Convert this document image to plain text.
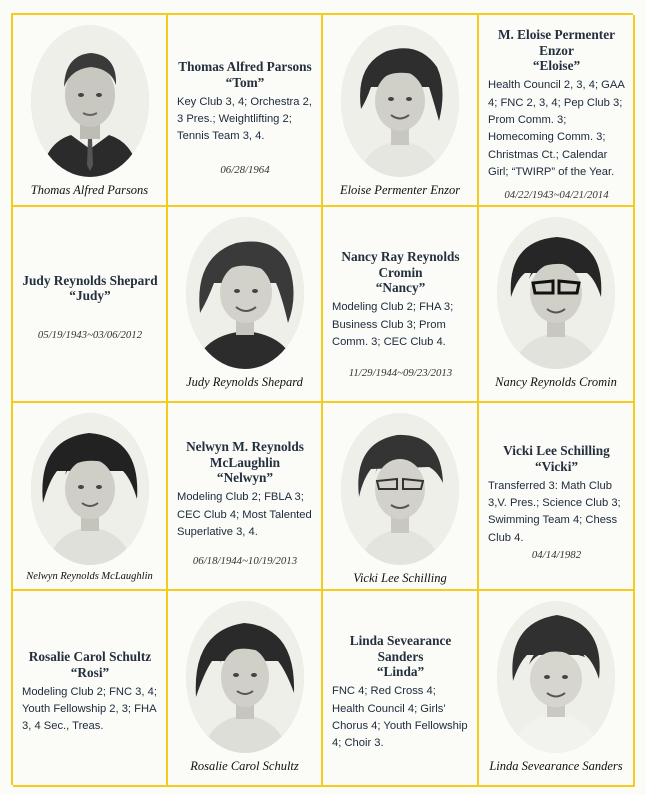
Thomas Alfred Parsons
Thomas Alfred Parsons
“Tom”
Key Club 3, 4; Orchestra 2, 3 Pres.; Weightlifting 2; Tennis Team 3, 4.
06/28/1964
Eloise Permenter Enzor
M. Eloise Permenter Enzor
“Eloise”
Health Council 2, 3, 4; GAA 4; FNC 2, 3, 4; Pep Club 3; Prom Comm. 3; Homecoming Comm. 3; Christmas Ct.; Calendar Girl; “TWIRP” of the Year.
04/22/1943~04/21/2014
Judy Reynolds Shepard
“Judy”
05/19/1943~03/06/2012
Judy Reynolds Shepard
Nancy Ray Reynolds Cromin
“Nancy”
Modeling Club 2; FHA 3; Business Club 3; Prom Comm. 3; CEC Club 4.
11/29/1944~09/23/2013
Nancy Reynolds Cromin
Nelwyn Reynolds McLaughlin
Nelwyn M. Reynolds McLaughlin
“Nelwyn”
Modeling Club 2; FBLA 3; CEC Club 4; Most Talented Superlative 3, 4.
06/18/1944~10/19/2013
Vicki Lee Schilling
Vicki Lee Schilling
“Vicki”
Transferred 3: Math Club 3,V. Pres.; Science Club 3; Swimming Team 4; Chess Club 4.
04/14/1982
Rosalie Carol Schultz
“Rosi”
Modeling Club 2; FNC 3, 4; Youth Fellowship 2, 3; FHA 3, 4 Sec., Treas.
Rosalie Carol Schultz
Linda Sevearance Sanders
“Linda”
FNC 4; Red Cross 4; Health Council 4; Girls’ Chorus 4; Youth Fellowship 4; Choir 3.
Linda Sevearance Sanders
